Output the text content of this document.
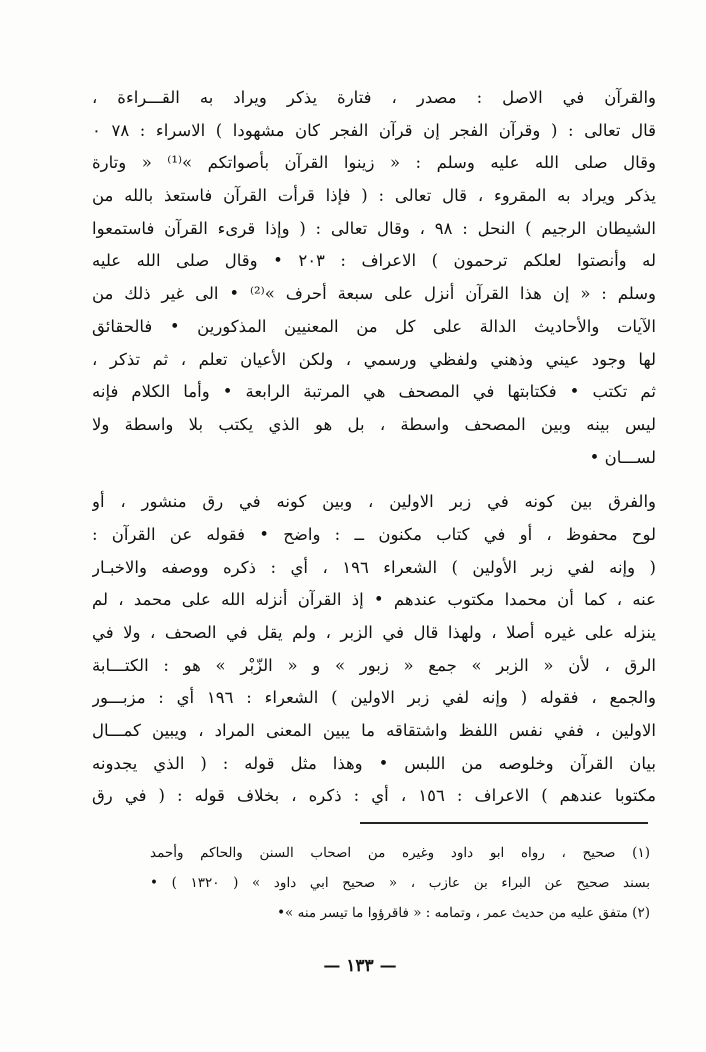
والقرآن في الاصل : مصدر ، فتارة يذكر ويراد به القـــراءة ،
قال تعالى : ( وقرآن الفجر إن قرآن الفجر كان مشهودا ) الاسراء : ٧٨ ٠
وقال صلى الله عليه وسلم : « زينوا القرآن بأصواتكم »⁽¹⁾ « وتارة
يذكر ويراد به المقروء ، قال تعالى : ( فإذا قرأت القرآن فاستعذ بالله من
الشيطان الرجيم ) النحل : ٩٨ ، وقال تعالى : ( وإذا قرىء القرآن فاستمعوا
له وأنصتوا لعلكم ترحمون ) الاعراف : ٢٠٣ • وقال صلى الله عليه
وسلم : « إن هذا القرآن أنزل على سبعة أحرف »⁽²⁾ • الى غير ذلك من
الآيات والأحاديث الدالة على كل من المعنيين المذكورين • فالحقائق
لها وجود عيني وذهني ولفظي ورسمي ، ولكن الأعيان تعلم ، ثم تذكر ،
ثم تكتب • فكتابتها في المصحف هي المرتبة الرابعة • وأما الكلام فإنه
ليس بينه وبين المصحف واسطة ، بل هو الذي يكتب بلا واسطة ولا
لســـان •
والفرق بين كونه في زبر الاولين ، وبين كونه في رق منشور ، أو
لوح محفوظ ، أو في كتاب مكنون ــ : واضح • فقوله عن القرآن :
( وإنه لفي زبر الأولين ) الشعراء ١٩٦ ، أي : ذكره ووصفه والاخبـار
عنه ، كما أن محمدا مكتوب عندهم • إذ القرآن أنزله الله على محمد ، لم
ينزله على غيره أصلا ، ولهذا قال في الزبر ، ولم يقل في الصحف ، ولا في
الرق ، لأن « الزبر » جمع « زبور » و « الزّبْر » هو : الكتـــابة
والجمع ، فقوله ( وإنه لفي زبر الاولين ) الشعراء : ١٩٦ أي : مزبـــور
الاولين ، ففي نفس اللفظ واشتقاقه ما يبين المعنى المراد ، ويبين كمـــال
بيان القرآن وخلوصه من اللبس • وهذا مثل قوله : ( الذي يجدونه
مكتوبا عندهم ) الاعراف : ١٥٦ ، أي : ذكره ، بخلاف قوله : ( في رق
(١) صحيح ، رواه ابو داود وغيره من اصحاب السنن والحاكم وأحمد
بسند صحيح عن البراء بن عازب ، « صحيح ابي داود » ( ١٣٢٠ ) •
(٢) متفق عليه من حديث عمر ، وتمامه : « فاقرؤوا ما تيسر منه »•
— ١٣٣ —
